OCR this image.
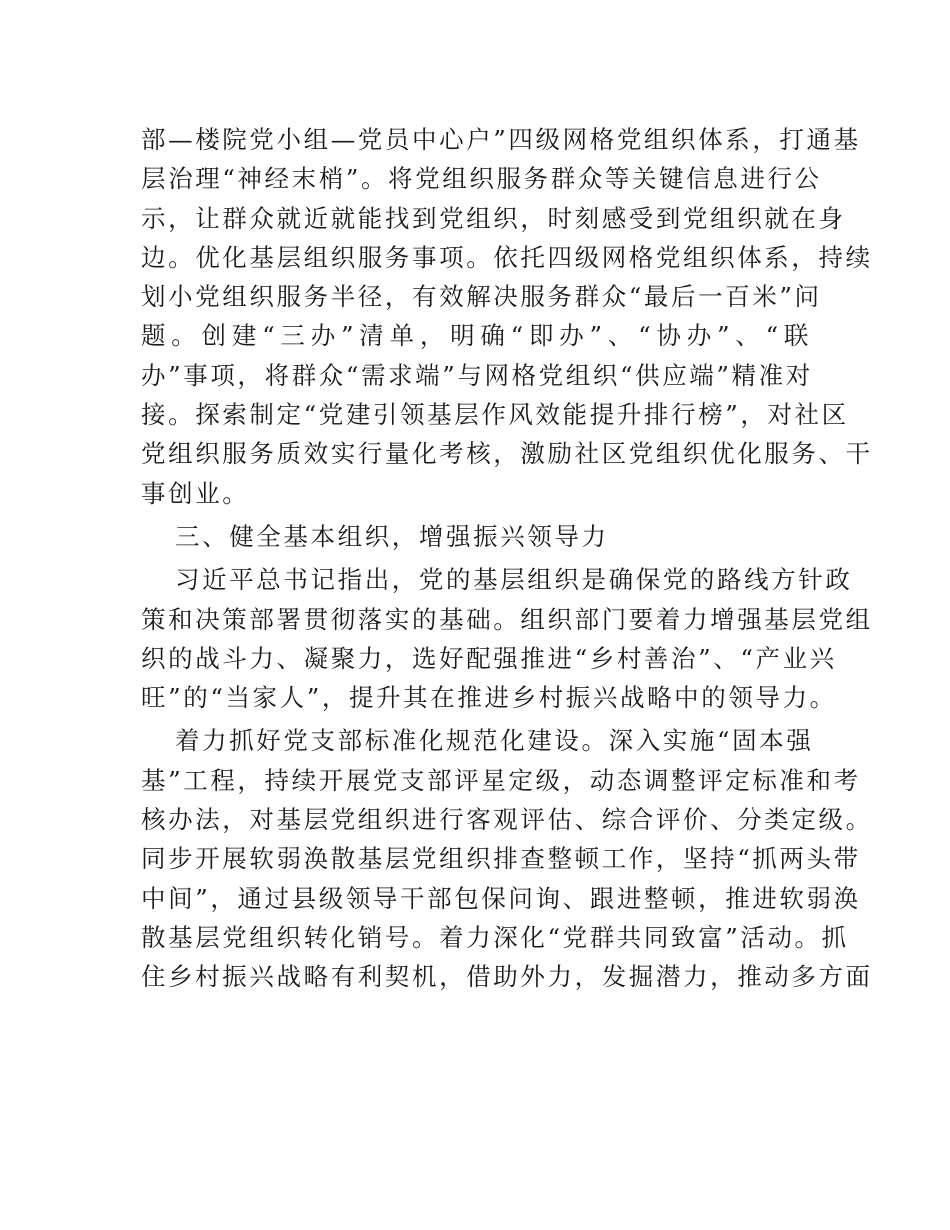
部—楼院党小组—党员中心户”四级网格党组织体系，打通基
层治理“神经末梢”。将党组织服务群众等关键信息进行公
示，让群众就近就能找到党组织，时刻感受到党组织就在身
边。优化基层组织服务事项。依托四级网格党组织体系，持续
划小党组织服务半径，有效解决服务群众“最后一百米”问
题。创建“三办”清单，明确“即办”、“协办”、“联
办”事项，将群众“需求端”与网格党组织“供应端”精准对
接。探索制定“党建引领基层作风效能提升排行榜”，对社区
党组织服务质效实行量化考核，激励社区党组织优化服务、干
事创业。
三、健全基本组织，增强振兴领导力
习近平总书记指出，党的基层组织是确保党的路线方针政
策和决策部署贯彻落实的基础。组织部门要着力增强基层党组
织的战斗力、凝聚力，选好配强推进“乡村善治”、“产业兴
旺”的“当家人”，提升其在推进乡村振兴战略中的领导力。
着力抓好党支部标准化规范化建设。深入实施“固本强
基”工程，持续开展党支部评星定级，动态调整评定标准和考
核办法，对基层党组织进行客观评估、综合评价、分类定级。
同步开展软弱涣散基层党组织排查整顿工作，坚持“抓两头带
中间”，通过县级领导干部包保问询、跟进整顿，推进软弱涣
散基层党组织转化销号。着力深化“党群共同致富”活动。抓
住乡村振兴战略有利契机，借助外力，发掘潜力，推动多方面
